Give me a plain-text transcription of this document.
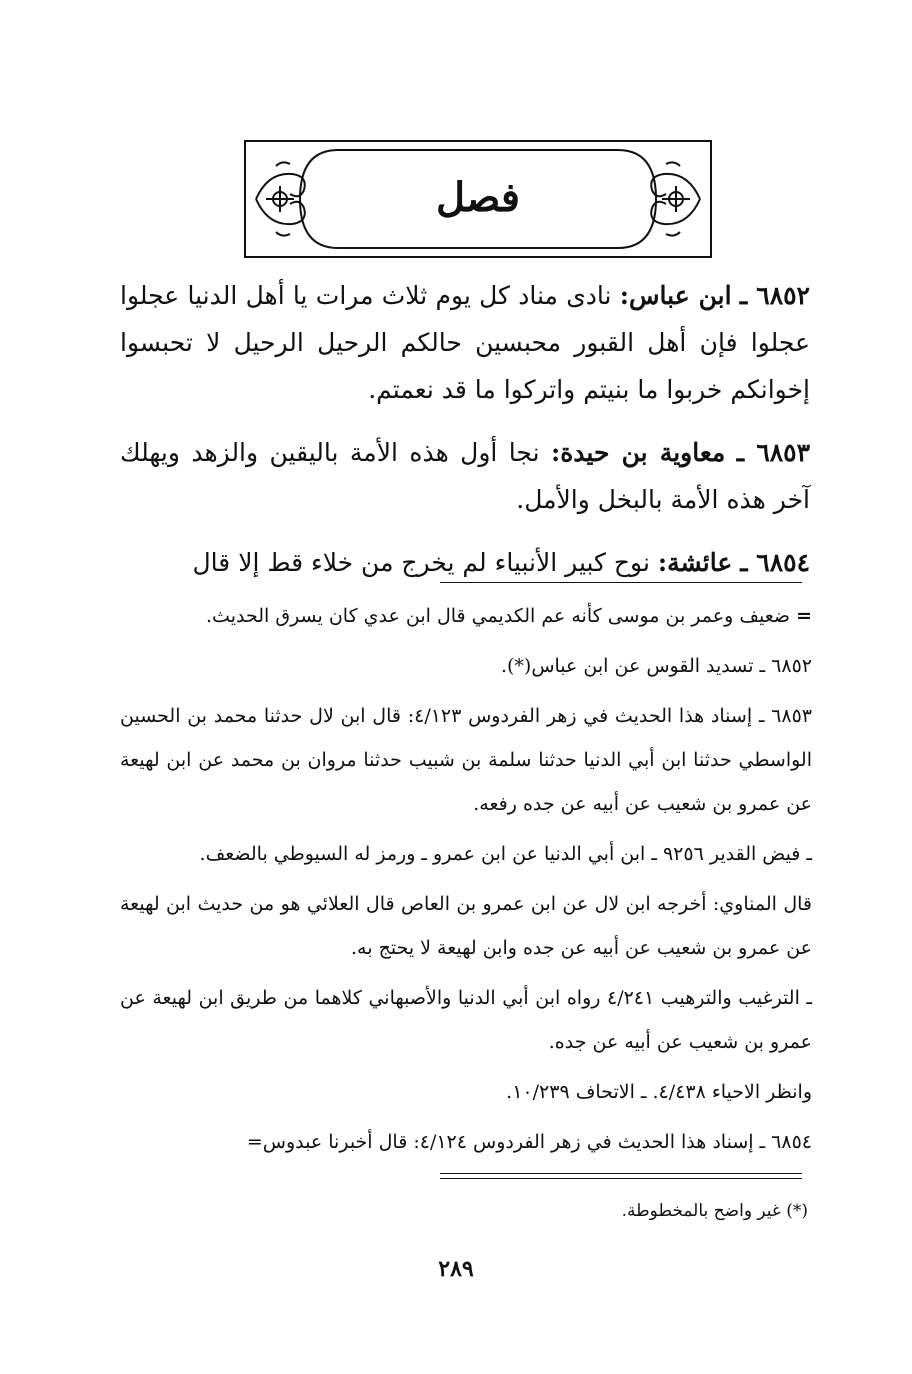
فصل

٦٨٥٢ ـ ابن عباس: نادى مناد كل يوم ثلاث مرات يا أهل الدنيا عجلوا عجلوا فإن أهل القبور محبسين حالكم الرحيل الرحيل لا تحبسوا إخوانكم خربوا ما بنيتم واتركوا ما قد نعمتم.

٦٨٥٣ ـ معاوية بن حيدة: نجا أول هذه الأمة باليقين والزهد ويهلك آخر هذه الأمة بالبخل والأمل.

٦٨٥٤ ـ عائشة: نوح كبير الأنبياء لم يخرج من خلاء قط إلا قال

= ضعيف وعمر بن موسى كأنه عم الكديمي قال ابن عدي كان يسرق الحديث.

٦٨٥٢ ـ تسديد القوس عن ابن عباس(*).

٦٨٥٣ ـ إسناد هذا الحديث في زهر الفردوس ٤/١٢٣: قال ابن لال حدثنا محمد بن الحسين الواسطي حدثنا ابن أبي الدنيا حدثنا سلمة بن شبيب حدثنا مروان بن محمد عن ابن لهيعة عن عمرو بن شعيب عن أبيه عن جده رفعه.

ـ فيض القدير ٩٢٥٦ ـ ابن أبي الدنيا عن ابن عمرو ـ ورمز له السيوطي بالضعف.

قال المناوي: أخرجه ابن لال عن ابن عمرو بن العاص قال العلائي هو من حديث ابن لهيعة عن عمرو بن شعيب عن أبيه عن جده وابن لهيعة لا يحتج به.

ـ الترغيب والترهيب ٤/٢٤١ رواه ابن أبي الدنيا والأصبهاني كلاهما من طريق ابن لهيعة عن عمرو بن شعيب عن أبيه عن جده.

وانظر الاحياء ٤/٤٣٨. ـ الاتحاف ١٠/٢٣٩.

٦٨٥٤ ـ إسناد هذا الحديث في زهر الفردوس ٤/١٢٤: قال أخبرنا عبدوس=

(*) غير واضح بالمخطوطة.
٢٨٩
